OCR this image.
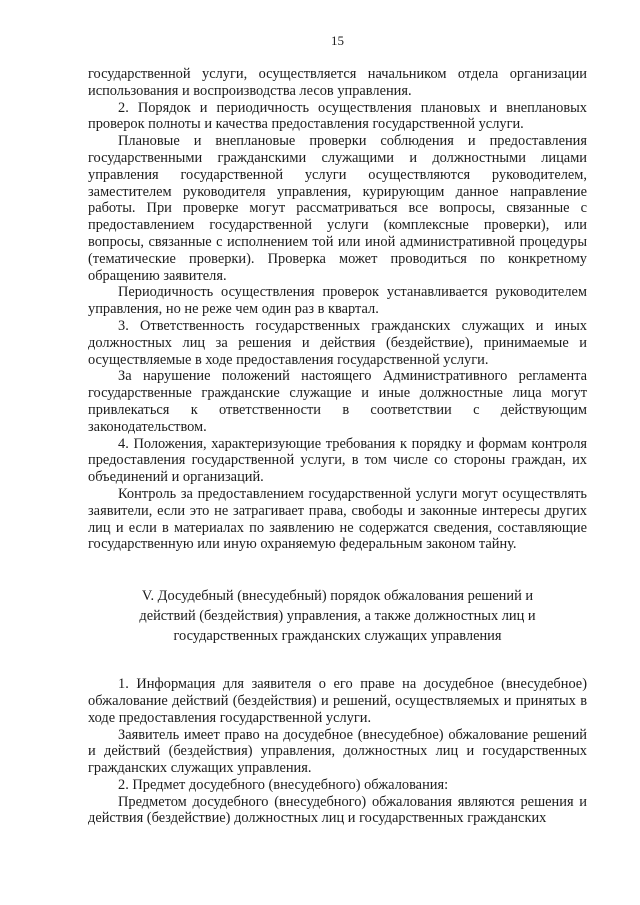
15

государственной услуги, осуществляется начальником отдела организации использования и воспроизводства лесов управления.

2. Порядок и периодичность осуществления плановых и внеплановых проверок полноты и качества предоставления государственной услуги.

Плановые и внеплановые проверки соблюдения и предоставления государственными гражданскими служащими и должностными лицами управления государственной услуги осуществляются руководителем, заместителем руководителя управления, курирующим данное направление работы. При проверке могут рассматриваться все вопросы, связанные с предоставлением государственной услуги (комплексные проверки), или вопросы, связанные с исполнением той или иной административной процедуры (тематические проверки). Проверка может проводиться по конкретному обращению заявителя.

Периодичность осуществления проверок устанавливается руководителем управления, но не реже чем один раз в квартал.

3. Ответственность государственных гражданских служащих и иных должностных лиц за решения и действия (бездействие), принимаемые и осуществляемые в ходе предоставления государственной услуги.

За нарушение положений настоящего Административного регламента государственные гражданские служащие и иные должностные лица могут привлекаться к ответственности в соответствии с действующим законодательством.

4. Положения, характеризующие требования к порядку и формам контроля предоставления государственной услуги, в том числе со стороны граждан, их объединений и организаций.

Контроль за предоставлением государственной услуги могут осуществлять заявители, если это не затрагивает права, свободы и законные интересы других лиц и если в материалах по заявлению не содержатся сведения, составляющие государственную или иную охраняемую федеральным законом тайну.

V. Досудебный (внесудебный) порядок обжалования решений и
действий (бездействия) управления, а также должностных лиц и
государственных гражданских служащих управления

1. Информация для заявителя о его праве на досудебное (внесудебное) обжалование действий (бездействия) и решений, осуществляемых и принятых в ходе предоставления государственной услуги.

Заявитель имеет право на досудебное (внесудебное) обжалование решений и действий (бездействия) управления, должностных лиц и государственных гражданских служащих управления.

2. Предмет досудебного (внесудебного) обжалования:

Предметом досудебного (внесудебного) обжалования являются решения и действия (бездействие) должностных лиц и государственных гражданских
